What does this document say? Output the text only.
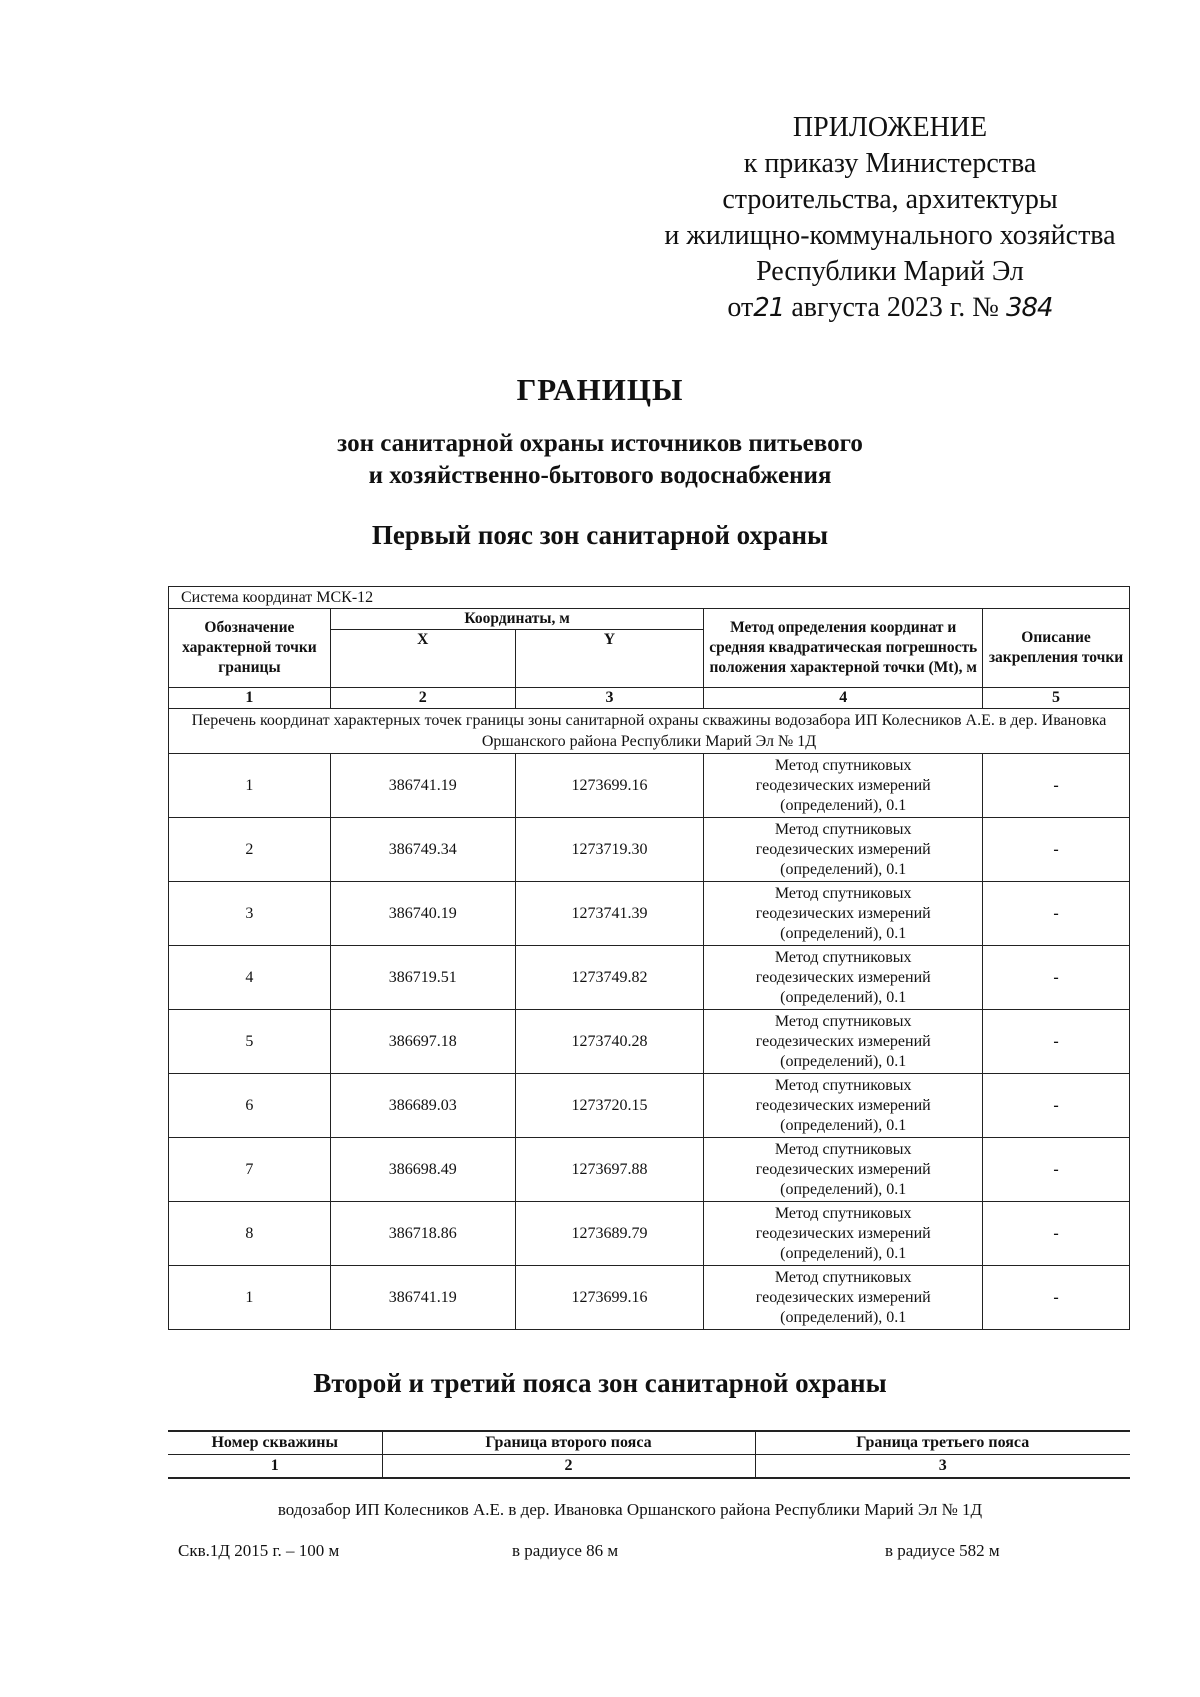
ПРИЛОЖЕНИЕ
к приказу Министерства
строительства, архитектуры
и жилищно-коммунального хозяйства
Республики Марий Эл
от21 августа 2023 г. № 384
ГРАНИЦЫ
зон санитарной охраны источников питьевого
и хозяйственно-бытового водоснабжения
Первый пояс зон санитарной охраны
Система координат МСК-12				
Обозначение характерной точки границы	Координаты, м		Метод определения координат и средняя квадратическая погрешность положения характерной точки (Mt), м	Описание закрепления точки
	X	Y		
1	2	3	4	5
Перечень координат характерных точек границы зоны санитарной охраны скважины водозабора ИП Колесников А.Е. в дер. Ивановка Оршанского района Республики Марий Эл № 1Д				
1	386741.19	1273699.16	Метод спутниковых геодезических измерений (определений), 0.1	-
2	386749.34	1273719.30	Метод спутниковых геодезических измерений (определений), 0.1	-
3	386740.19	1273741.39	Метод спутниковых геодезических измерений (определений), 0.1	-
4	386719.51	1273749.82	Метод спутниковых геодезических измерений (определений), 0.1	-
5	386697.18	1273740.28	Метод спутниковых геодезических измерений (определений), 0.1	-
6	386689.03	1273720.15	Метод спутниковых геодезических измерений (определений), 0.1	-
7	386698.49	1273697.88	Метод спутниковых геодезических измерений (определений), 0.1	-
8	386718.86	1273689.79	Метод спутниковых геодезических измерений (определений), 0.1	-
1	386741.19	1273699.16	Метод спутниковых геодезических измерений (определений), 0.1	-
Второй и третий пояса зон санитарной охраны
Номер скважины	Граница второго пояса	Граница третьего пояса
1	2	3
водозабор ИП Колесников А.Е. в дер. Ивановка Оршанского района Республики Марий Эл № 1Д
Скв.1Д 2015 г. – 100 м	в радиусе 86 м	в радиусе 582 м
